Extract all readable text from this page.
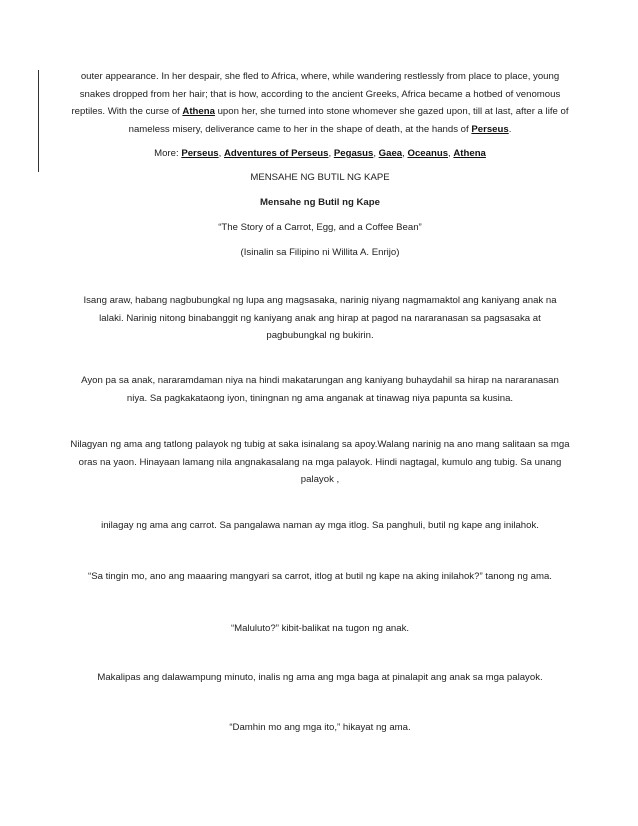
outer appearance. In her despair, she fled to Africa, where, while wandering restlessly from place to place, young snakes dropped from her hair; that is how, according to the ancient Greeks, Africa became a hotbed of venomous reptiles. With the curse of Athena upon her, she turned into stone whomever she gazed upon, till at last, after a life of nameless misery, deliverance came to her in the shape of death, at the hands of Perseus.
More: Perseus, Adventures of Perseus, Pegasus, Gaea, Oceanus, Athena
MENSAHE NG BUTIL NG KAPE
Mensahe ng Butil ng Kape
“The Story of a Carrot, Egg, and a Coffee Bean”
(Isinalin sa Filipino ni Willita A. Enrijo)
Isang araw, habang nagbubungkal ng lupa ang magsasaka, narinig niyang nagmamaktol ang kaniyang anak na lalaki. Narinig nitong binabanggit ng kaniyang anak ang hirap at pagod na nararanasan sa pagsasaka at pagbubungkal ng bukirin.
Ayon pa sa anak, nararamdaman niya na hindi makatarungan ang kaniyang buhaydahil sa hirap na nararanasan niya. Sa pagkakataong iyon, tiningnan ng ama anganak at tinawag niya papunta sa kusina.
Nilagyan ng ama ang tatlong palayok ng tubig at saka isinalang sa apoy.Walang narinig na ano mang salitaan sa mga oras na yaon. Hinayaan lamang nila angnakasalang na mga palayok. Hindi nagtagal, kumulo ang tubig. Sa unang palayok ,
inilagay ng ama ang carrot. Sa pangalawa naman ay mga itlog. Sa panghuli, butil ng kape ang inilahok.
“Sa tingin mo, ano ang maaaring mangyari sa carrot, itlog at butil ng kape na aking inilahok?” tanong ng ama.
“Maluluto?” kibit-balikat na tugon ng anak.
Makalipas ang dalawampung minuto, inalis ng ama ang mga baga at pinalapit ang anak sa mga palayok.
“Damhin mo ang mga ito,” hikayat ng ama.
